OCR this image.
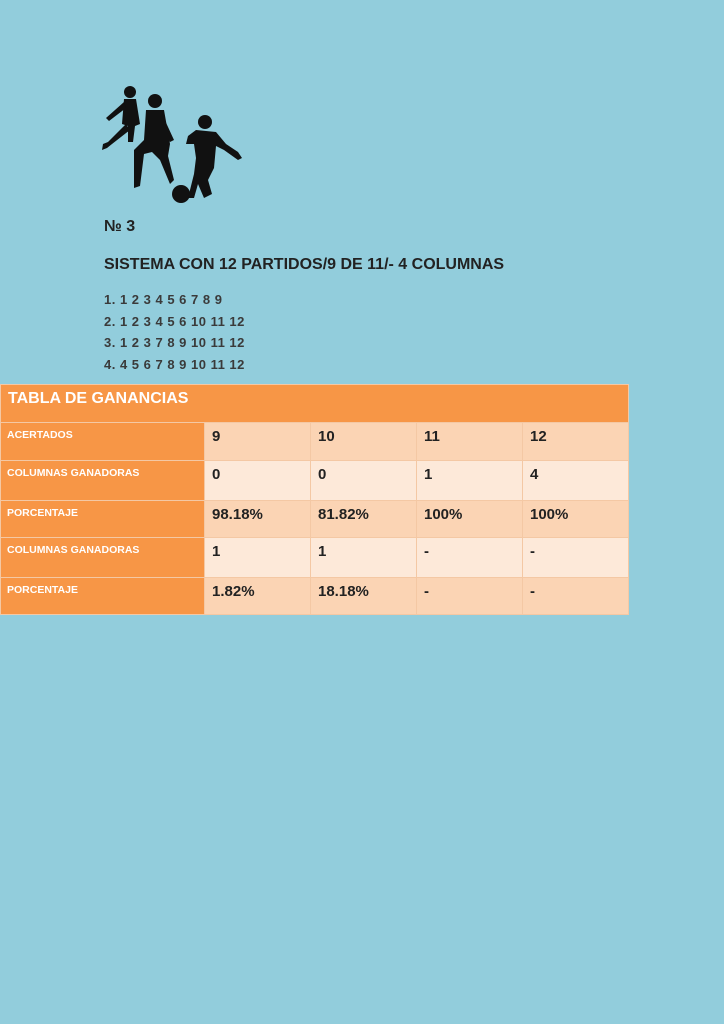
№ 3
SISTEMA CON 12 PARTIDOS/9 DE 11/- 4 COLUMNAS
1. 1 2 3 4 5 6 7 8 9
2. 1 2 3 4 5 6 10 11 12
3. 1 2 3 7 8 9 10 11 12
4. 4 5 6 7 8 9 10 11 12
TABLA DE GANANCIAS				
ACERTADOS	9	10	11	12
COLUMNAS GANADORAS	0	0	1	4
PORCENTAJE	98.18%	81.82%	100%	100%
COLUMNAS GANADORAS	1	1	-	-
PORCENTAJE	1.82%	18.18%	-	-
